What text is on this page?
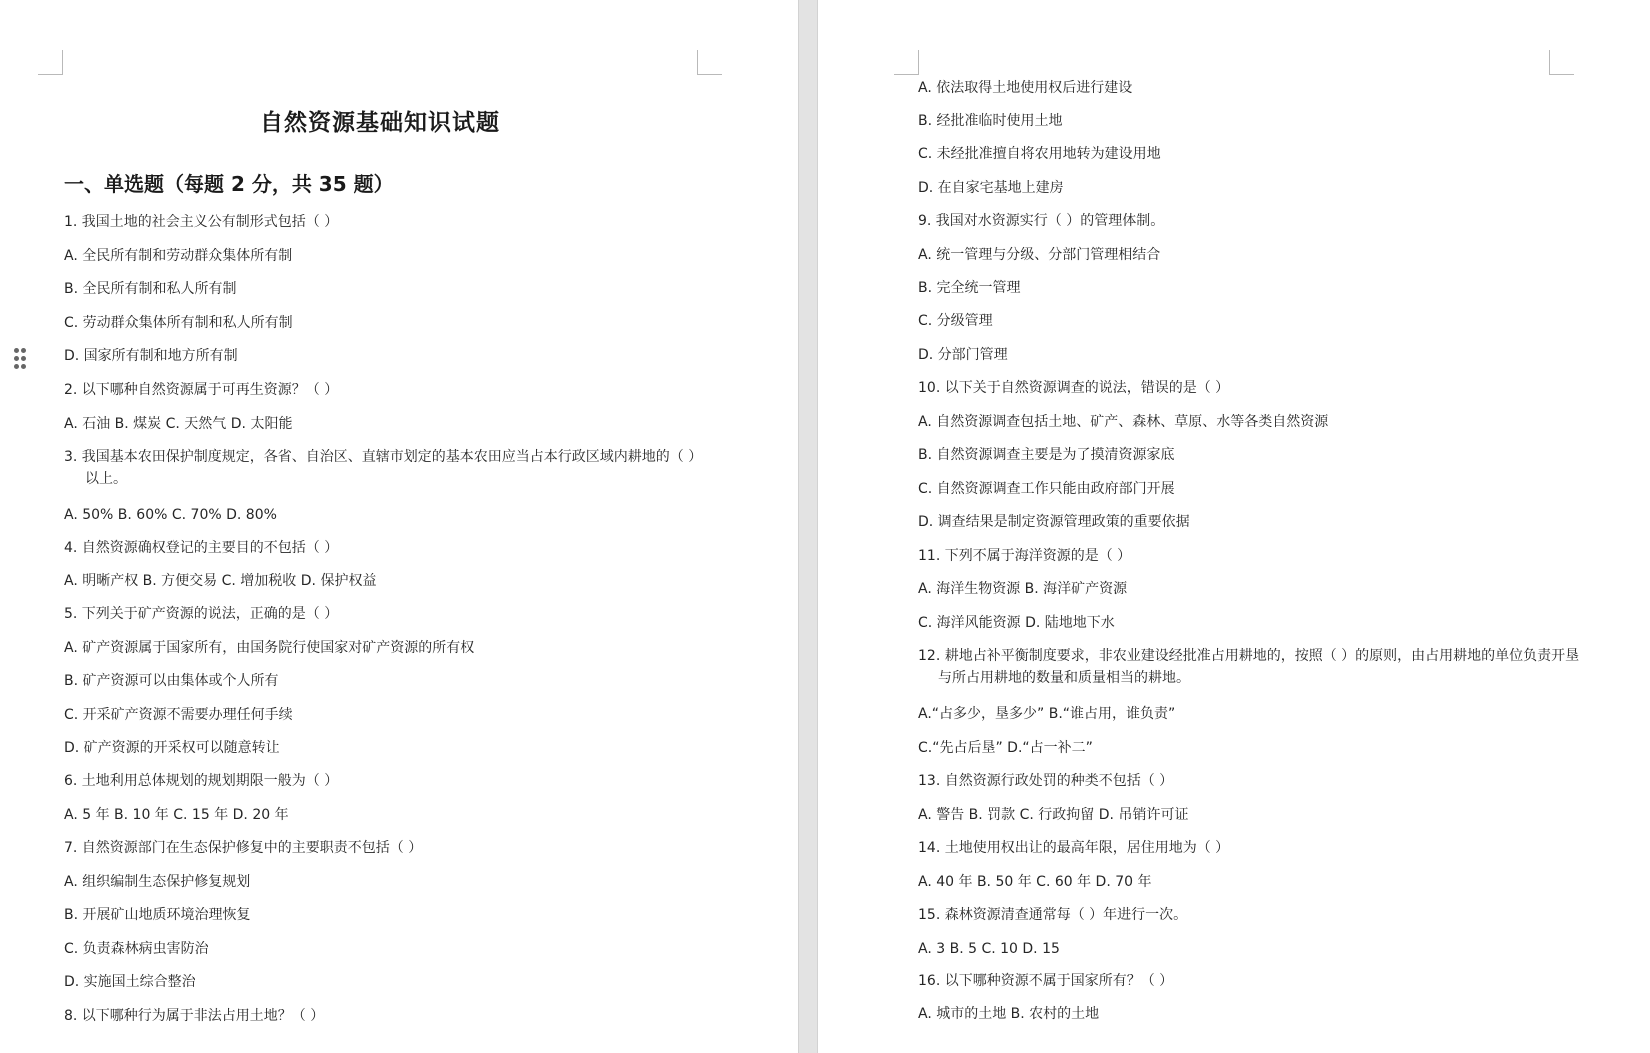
自然资源基础知识试题
一、单选题（每题 2 分，共 35 题）
1. 我国土地的社会主义公有制形式包括（ ）
A. 全民所有制和劳动群众集体所有制
B. 全民所有制和私人所有制
C. 劳动群众集体所有制和私人所有制
D. 国家所有制和地方所有制
2. 以下哪种自然资源属于可再生资源？（ ）
A. 石油 B. 煤炭 C. 天然气 D. 太阳能
3. 我国基本农田保护制度规定，各省、自治区、直辖市划定的基本农田应当占本行政区域内耕地的（ ）以上。
A. 50% B. 60% C. 70% D. 80%
4. 自然资源确权登记的主要目的不包括（ ）
A. 明晰产权 B. 方便交易 C. 增加税收 D. 保护权益
5. 下列关于矿产资源的说法，正确的是（ ）
A. 矿产资源属于国家所有，由国务院行使国家对矿产资源的所有权
B. 矿产资源可以由集体或个人所有
C. 开采矿产资源不需要办理任何手续
D. 矿产资源的开采权可以随意转让
6. 土地利用总体规划的规划期限一般为（ ）
A. 5 年 B. 10 年 C. 15 年 D. 20 年
7. 自然资源部门在生态保护修复中的主要职责不包括（ ）
A. 组织编制生态保护修复规划
B. 开展矿山地质环境治理恢复
C. 负责森林病虫害防治
D. 实施国土综合整治
8. 以下哪种行为属于非法占用土地？（ ）
A. 依法取得土地使用权后进行建设
B. 经批准临时使用土地
C. 未经批准擅自将农用地转为建设用地
D. 在自家宅基地上建房
9. 我国对水资源实行（ ）的管理体制。
A. 统一管理与分级、分部门管理相结合
B. 完全统一管理
C. 分级管理
D. 分部门管理
10. 以下关于自然资源调查的说法，错误的是（ ）
A. 自然资源调查包括土地、矿产、森林、草原、水等各类自然资源
B. 自然资源调查主要是为了摸清资源家底
C. 自然资源调查工作只能由政府部门开展
D. 调查结果是制定资源管理政策的重要依据
11. 下列不属于海洋资源的是（ ）
A. 海洋生物资源 B. 海洋矿产资源
C. 海洋风能资源 D. 陆地地下水
12. 耕地占补平衡制度要求，非农业建设经批准占用耕地的，按照（ ）的原则，由占用耕地的单位负责开垦与所占用耕地的数量和质量相当的耕地。
A.“占多少，垦多少” B.“谁占用，谁负责”
C.“先占后垦” D.“占一补二”
13. 自然资源行政处罚的种类不包括（ ）
A. 警告 B. 罚款 C. 行政拘留 D. 吊销许可证
14. 土地使用权出让的最高年限，居住用地为（ ）
A. 40 年 B. 50 年 C. 60 年 D. 70 年
15. 森林资源清查通常每（ ）年进行一次。
A. 3 B. 5 C. 10 D. 15
16. 以下哪种资源不属于国家所有？（ ）
A. 城市的土地 B. 农村的土地
